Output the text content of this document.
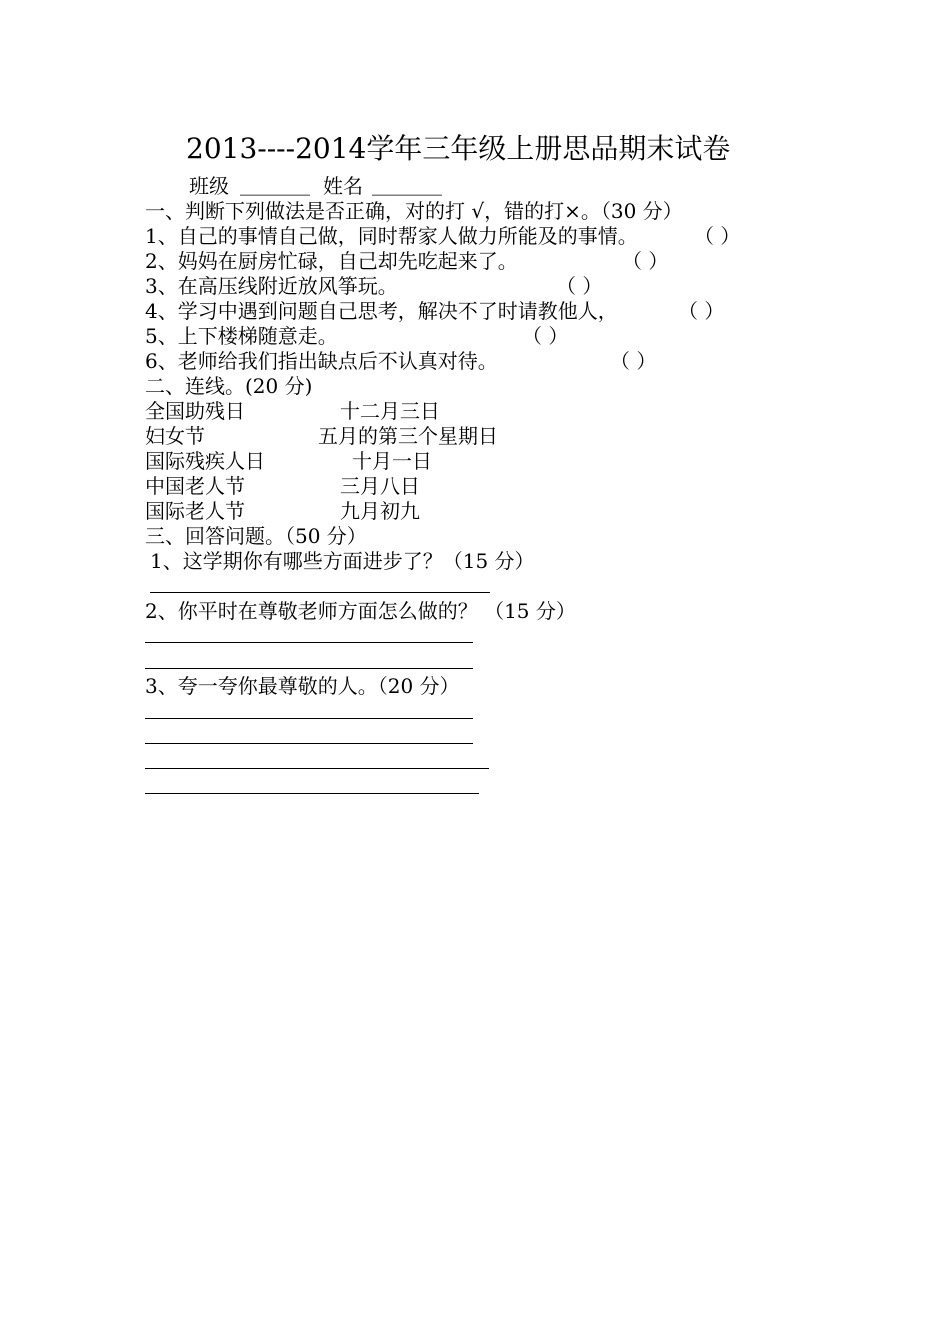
2013----2014学年三年级上册思品期末试卷
班级 _______ 姓名 _______
一、判断下列做法是否正确，对的打 √，错的打×。（30 分）
1、自己的事情自己做，同时帮家人做力所能及的事情。	（ ）
2、妈妈在厨房忙碌，自己却先吃起来了。	（ ）
3、在高压线附近放风筝玩。	（ ）
4、学习中遇到问题自己思考，解决不了时请教他人，	（ ）
5、上下楼梯随意走。	（ ）
6、老师给我们指出缺点后不认真对待。	（ ）
二、连线。(20 分)
全国助残日	十二月三日
妇女节	五月的第三个星期日
国际残疾人日	十月一日
中国老人节	三月八日
国际老人节	九月初九
三、回答问题。（50 分）
1、这学期你有哪些方面进步了？（15 分）
2、你平时在尊敬老师方面怎么做的？ （15 分）
3、夸一夸你最尊敬的人。（20 分）
